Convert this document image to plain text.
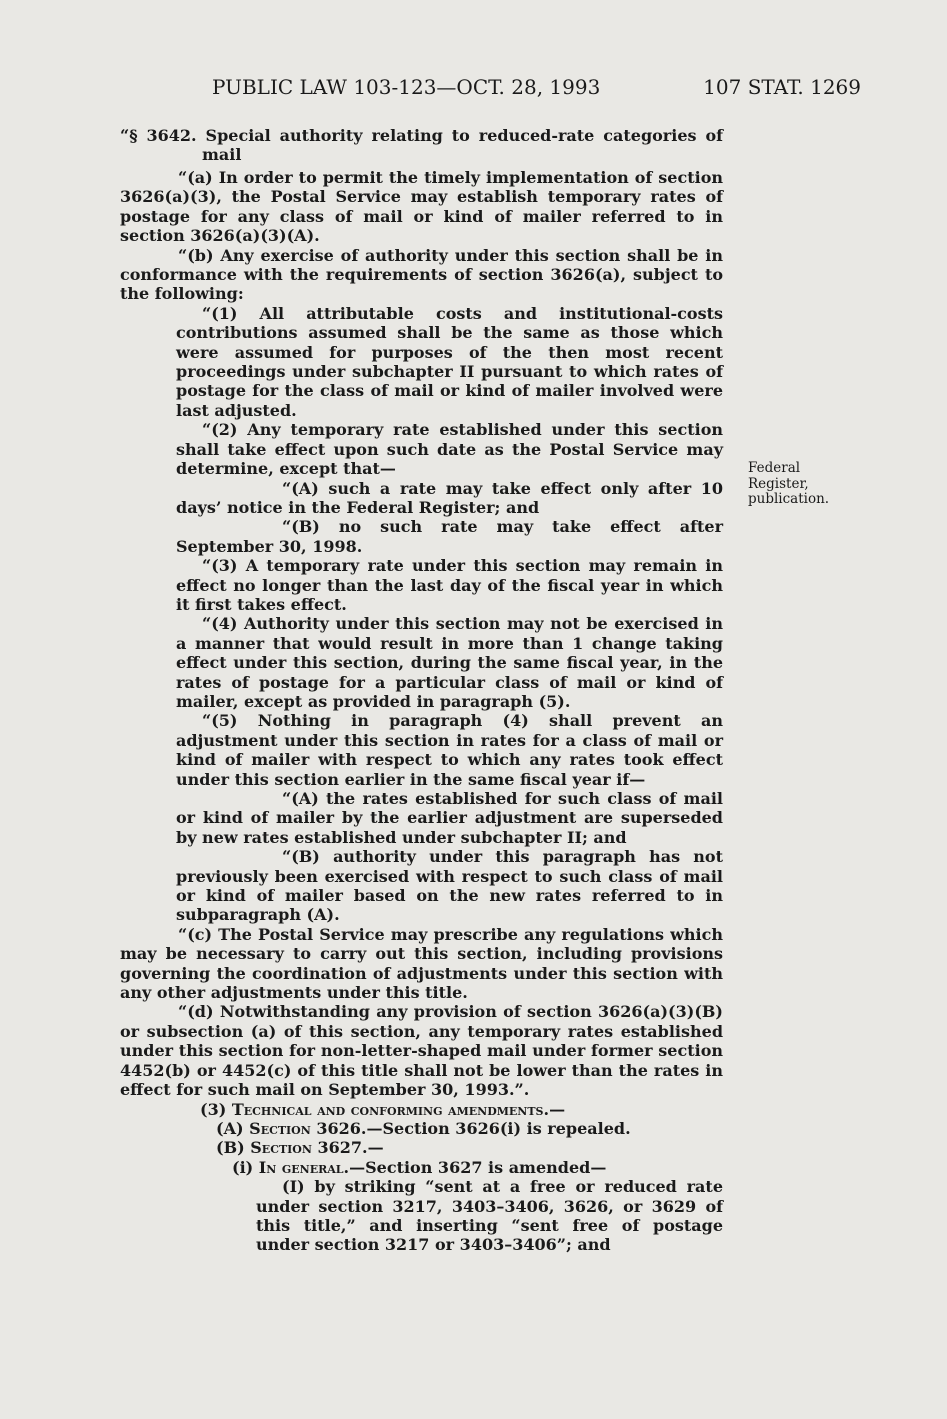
PUBLIC LAW 103-123—OCT. 28, 1993	107 STAT. 1269
“§ 3642. Special authority relating to reduced-rate categories of mail

“(a) In order to permit the timely implementation of section 3626(a)(3), the Postal Service may establish temporary rates of postage for any class of mail or kind of mailer referred to in section 3626(a)(3)(A).

“(b) Any exercise of authority under this section shall be in conformance with the requirements of section 3626(a), subject to the following:

“(1) All attributable costs and institutional-costs contributions assumed shall be the same as those which were assumed for purposes of the then most recent proceedings under subchapter II pursuant to which rates of postage for the class of mail or kind of mailer involved were last adjusted.

“(2) Any temporary rate established under this section shall take effect upon such date as the Postal Service may determine, except that—

“(A) such a rate may take effect only after 10 days’ notice in the Federal Register; and

“(B) no such rate may take effect after September 30, 1998.

“(3) A temporary rate under this section may remain in effect no longer than the last day of the fiscal year in which it first takes effect.

“(4) Authority under this section may not be exercised in a manner that would result in more than 1 change taking effect under this section, during the same fiscal year, in the rates of postage for a particular class of mail or kind of mailer, except as provided in paragraph (5).

“(5) Nothing in paragraph (4) shall prevent an adjustment under this section in rates for a class of mail or kind of mailer with respect to which any rates took effect under this section earlier in the same fiscal year if—

“(A) the rates established for such class of mail or kind of mailer by the earlier adjustment are superseded by new rates established under subchapter II; and

“(B) authority under this paragraph has not previously been exercised with respect to such class of mail or kind of mailer based on the new rates referred to in subparagraph (A).

“(c) The Postal Service may prescribe any regulations which may be necessary to carry out this section, including provisions governing the coordination of adjustments under this section with any other adjustments under this title.

“(d) Notwithstanding any provision of section 3626(a)(3)(B) or subsection (a) of this section, any temporary rates established under this section for non-letter-shaped mail under former section 4452(b) or 4452(c) of this title shall not be lower than the rates in effect for such mail on September 30, 1993.”.

(3) Technical and conforming amendments.—

(A) Section 3626.—Section 3626(i) is repealed.

(B) Section 3627.—

(i) In general.—Section 3627 is amended—

(I) by striking “sent at a free or reduced rate under section 3217, 3403–3406, 3626, or 3629 of this title,” and inserting “sent free of postage under section 3217 or 3403–3406”; and

Federal
Register,
publication.
